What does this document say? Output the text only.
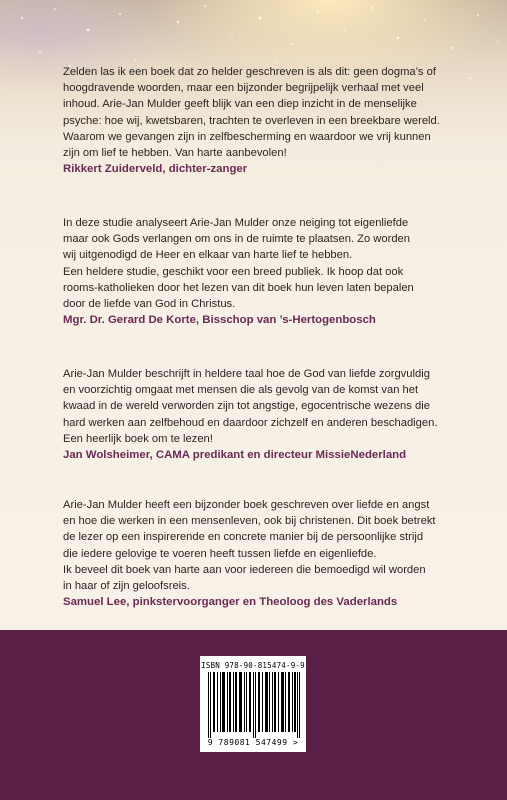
Zelden las ik een boek dat zo helder geschreven is als dit: geen dogma’s of

hoogdravende woorden, maar een bijzonder begrijpelijk verhaal met veel

inhoud. Arie-Jan Mulder geeft blijk van een diep inzicht in de menselijke

psyche: hoe wij, kwetsbaren, trachten te overleven in een breekbare wereld.

Waarom we gevangen zijn in zelfbescherming en waardoor we vrij kunnen

zijn om lief te hebben. Van harte aanbevolen!

Rikkert Zuiderveld, dichter-zanger

In deze studie analyseert Arie-Jan Mulder onze neiging tot eigenliefde

maar ook Gods verlangen om ons in de ruimte te plaatsen. Zo worden

wij uitgenodigd de Heer en elkaar van harte lief te hebben.

Een heldere studie, geschikt voor een breed publiek. Ik hoop dat ook

rooms-katholieken door het lezen van dit boek hun leven laten bepalen

door de liefde van God in Christus.

Mgr. Dr. Gerard De Korte, Bisschop van ’s-Hertogenbosch

Arie-Jan Mulder beschrijft in heldere taal hoe de God van liefde zorgvuldig

en voorzichtig omgaat met mensen die als gevolg van de komst van het

kwaad in de wereld verworden zijn tot angstige, egocentrische wezens die

hard werken aan zelfbehoud en daardoor zichzelf en anderen beschadigen.

Een heerlijk boek om te lezen!

Jan Wolsheimer, CAMA predikant en directeur MissieNederland

Arie-Jan Mulder heeft een bijzonder boek geschreven over liefde en angst

en hoe die werken in een mensenleven, ook bij christenen. Dit boek betrekt

de lezer op een inspirerende en concrete manier bij de persoonlijke strijd

die iedere gelovige te voeren heeft tussen liefde en eigenliefde.

Ik beveel dit boek van harte aan voor iedereen die bemoedigd wil worden

in haar of zijn geloofsreis.

Samuel Lee, pinkstervoorganger en Theoloog des Vaderlands

ISBN 978-90-815474-9-9
9 789081 547499 >
